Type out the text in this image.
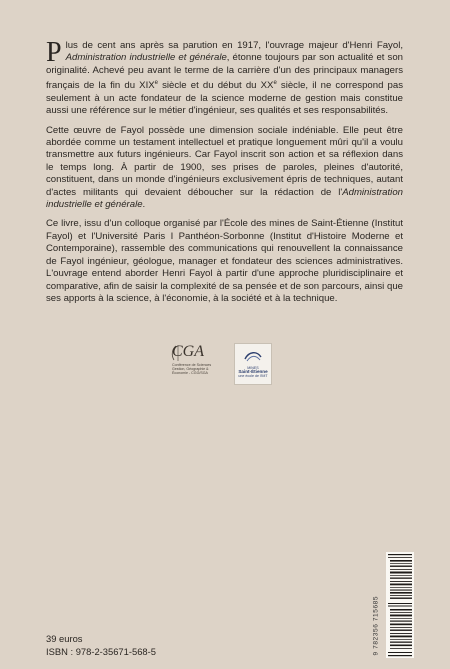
Plus de cent ans après sa parution en 1917, l'ouvrage majeur d'Henri Fayol, Administration industrielle et générale, étonne toujours par son actualité et son originalité. Achevé peu avant le terme de la carrière d'un des principaux managers français de la fin du XIXe siècle et du début du XXe siècle, il ne correspond pas seulement à un acte fondateur de la science moderne de gestion mais constitue aussi une référence sur le métier d'ingénieur, ses qualités et ses responsabilités.

Cette œuvre de Fayol possède une dimension sociale indéniable. Elle peut être abordée comme un testament intellectuel et pratique longuement mûri qu'il a voulu transmettre aux futurs ingénieurs. Car Fayol inscrit son action et sa réflexion dans le temps long. À partir de 1900, ses prises de paroles, pleines d'autorité, constituent, dans un monde d'ingénieurs exclusivement épris de techniques, autant d'actes militants qui devaient déboucher sur la rédaction de l'Administration industrielle et générale.

Ce livre, issu d'un colloque organisé par l'École des mines de Saint-Étienne (Institut Fayol) et l'Université Paris I Panthéon-Sorbonne (Institut d'Histoire Moderne et Contemporaine), rassemble des communications qui renouvellent la connaissance de Fayol ingénieur, géologue, manager et fondateur des sciences administratives. L'ouvrage entend aborder Henri Fayol à partir d'une approche pluridisciplinaire et comparative, afin de saisir la complexité de sa pensée et de son parcours, ainsi que ses apports à la science, à l'économie, à la société et à la technique.

CGA
Conférence de Sciences Gestion, Géographie & Économie - CGG/SGA
MINES
Saint-Étienne
une école de l'IMT
39 euros
ISBN : 978-2-35671-568-5	9 782356 715685
